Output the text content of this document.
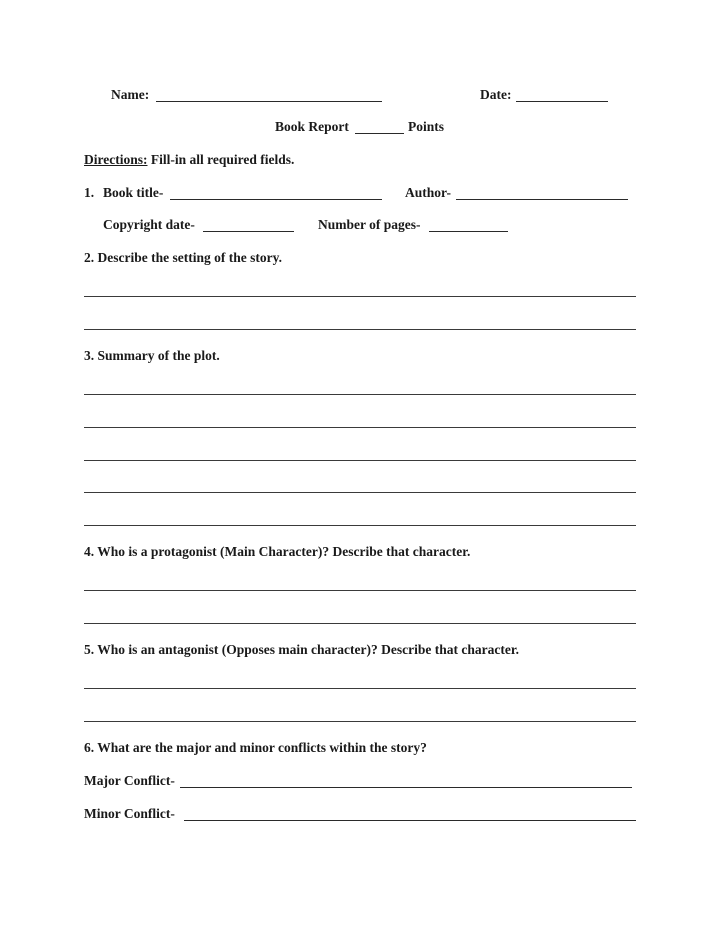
Name:	Date:
Book Report	Points
Directions: Fill-in all required fields.
1. Book title-	Author-
Copyright date-	Number of pages-
2. Describe the setting of the story.
3. Summary of the plot.
4. Who is a protagonist (Main Character)? Describe that character.
5. Who is an antagonist (Opposes main character)? Describe that character.
6. What are the major and minor conflicts within the story?
Major Conflict-
Minor Conflict-
